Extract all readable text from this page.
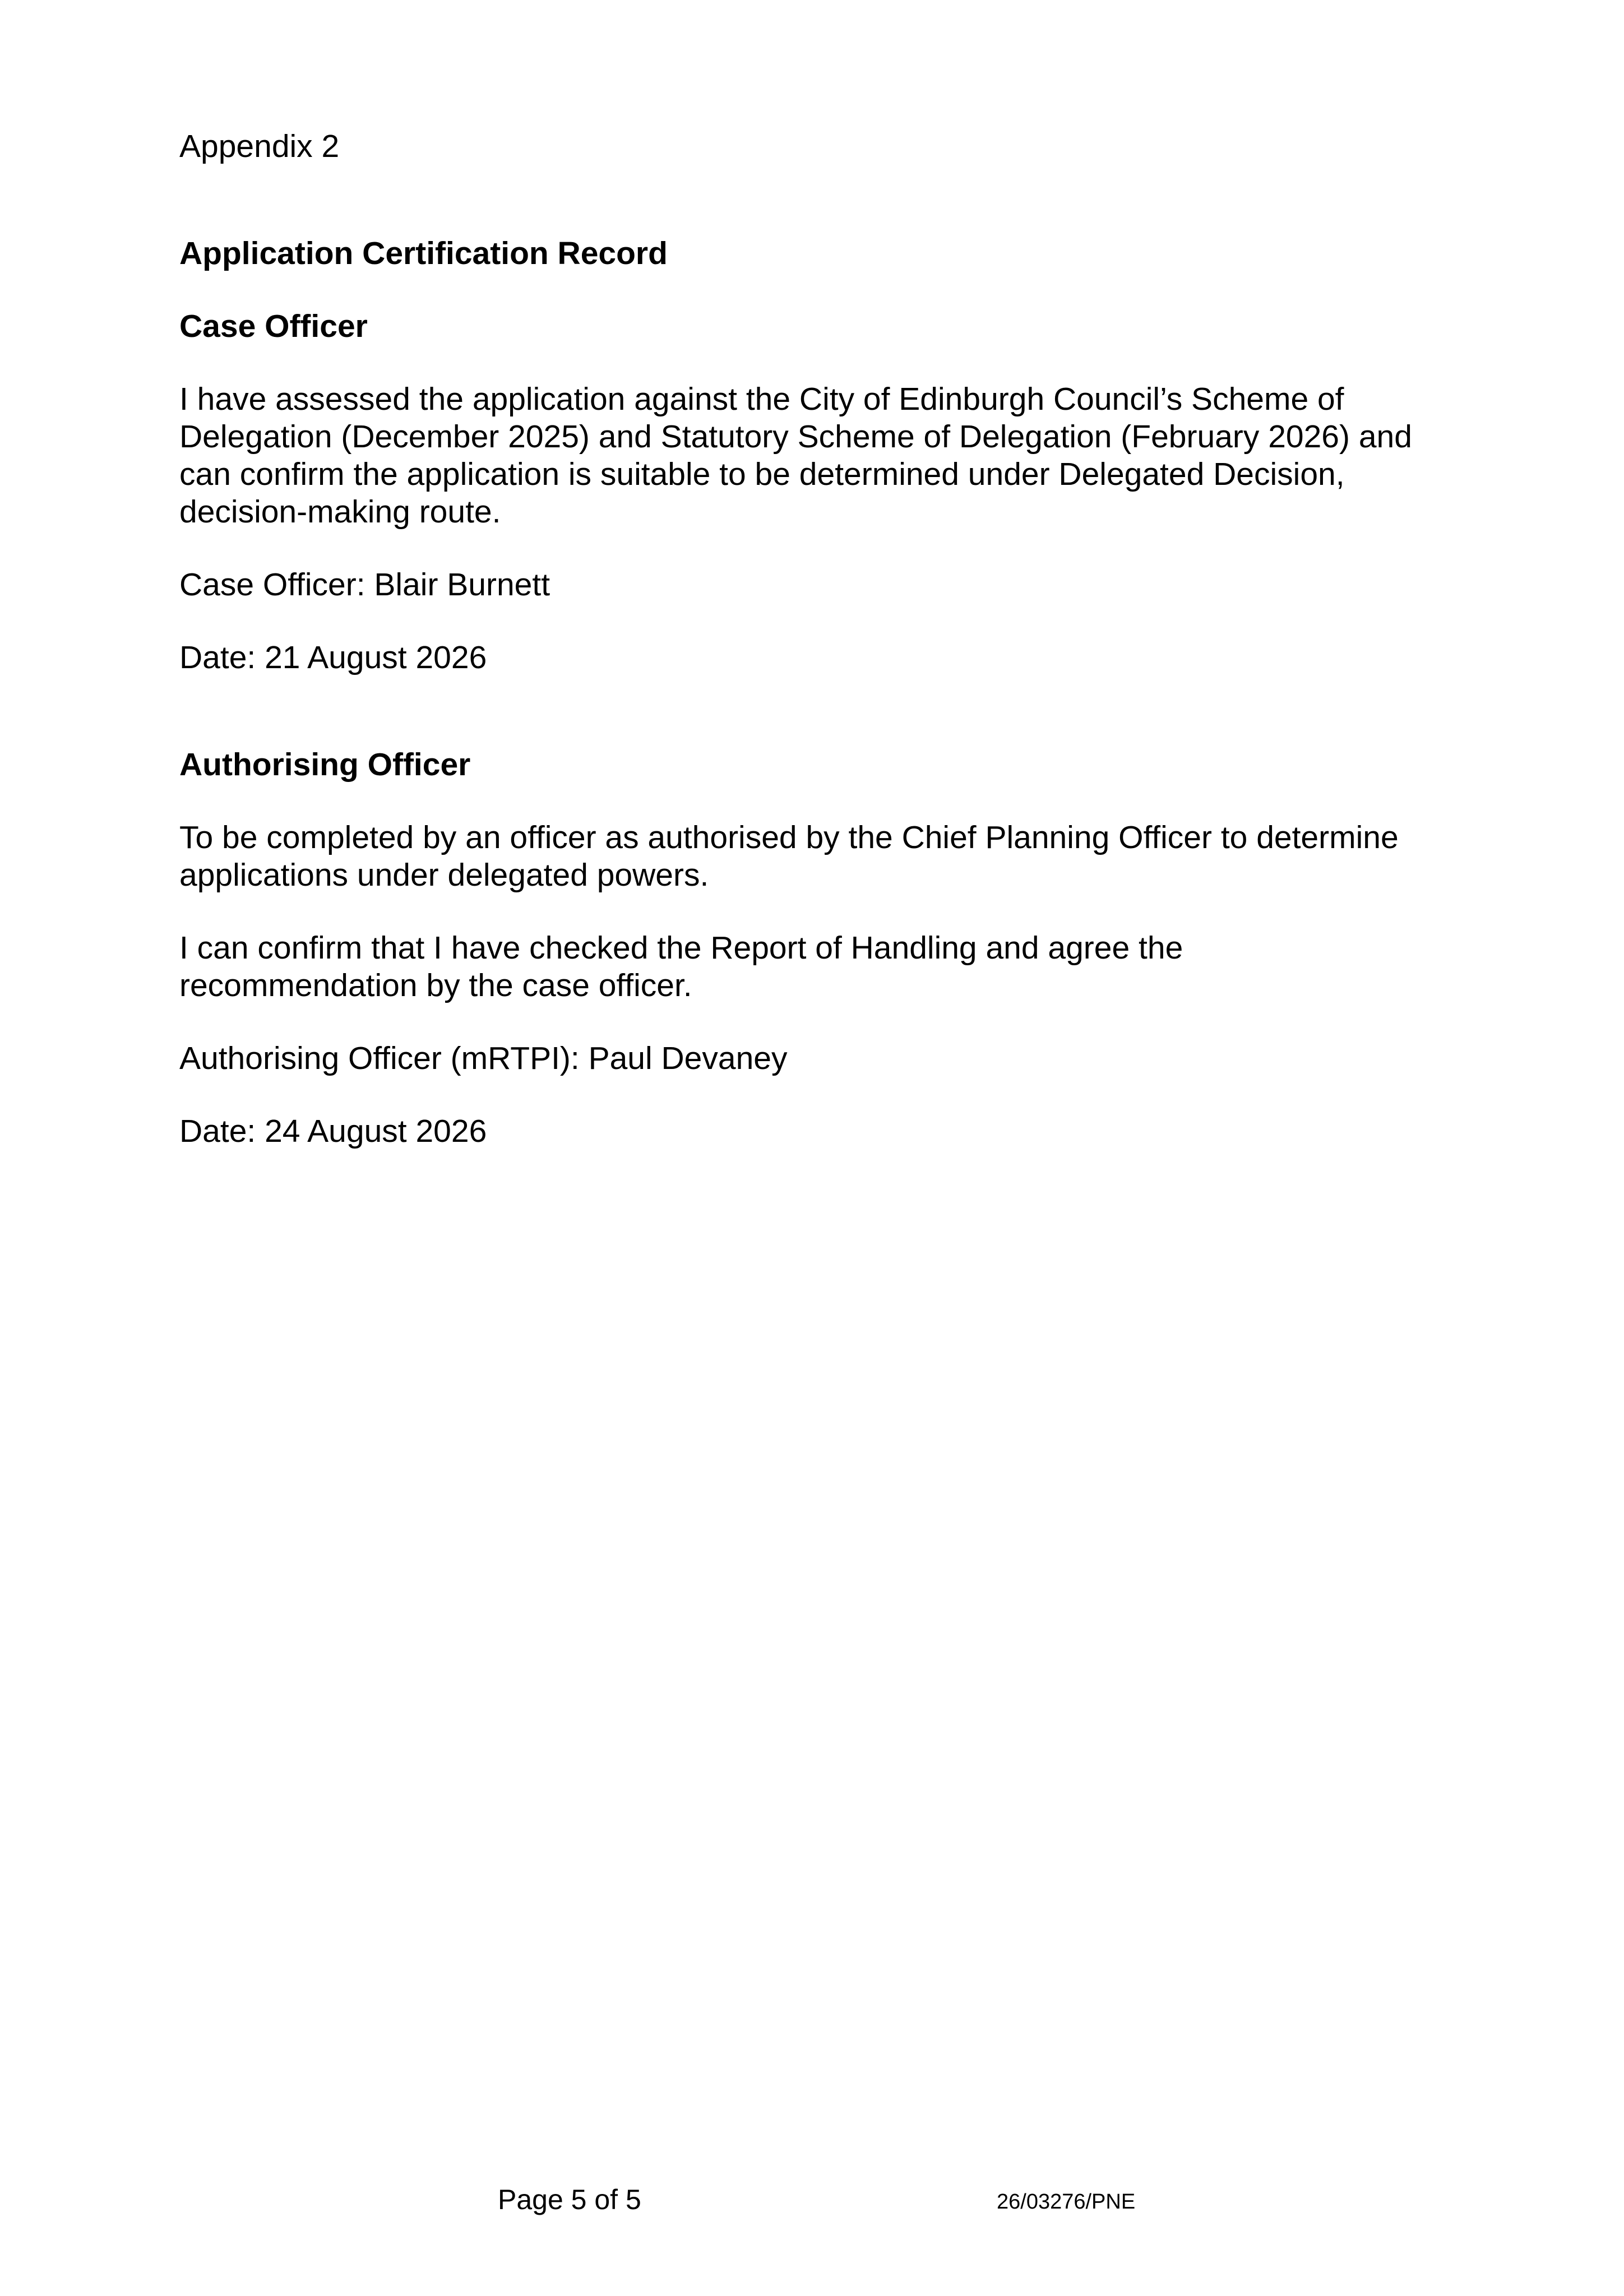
Appendix 2

Application Certification Record

Case Officer

I have assessed the application against the City of Edinburgh Council’s Scheme of
Delegation (December 2025) and Statutory Scheme of Delegation (February 2026) and
can confirm the application is suitable to be determined under Delegated Decision,
decision-making route.

Case Officer: Blair Burnett

Date: 21 August 2026

Authorising Officer

To be completed by an officer as authorised by the Chief Planning Officer to determine
applications under delegated powers.

I can confirm that I have checked the Report of Handling and agree the
recommendation by the case officer.

Authorising Officer (mRTPI): Paul Devaney

Date: 24 August 2026

Page 5 of 5	26/03276/PNE
